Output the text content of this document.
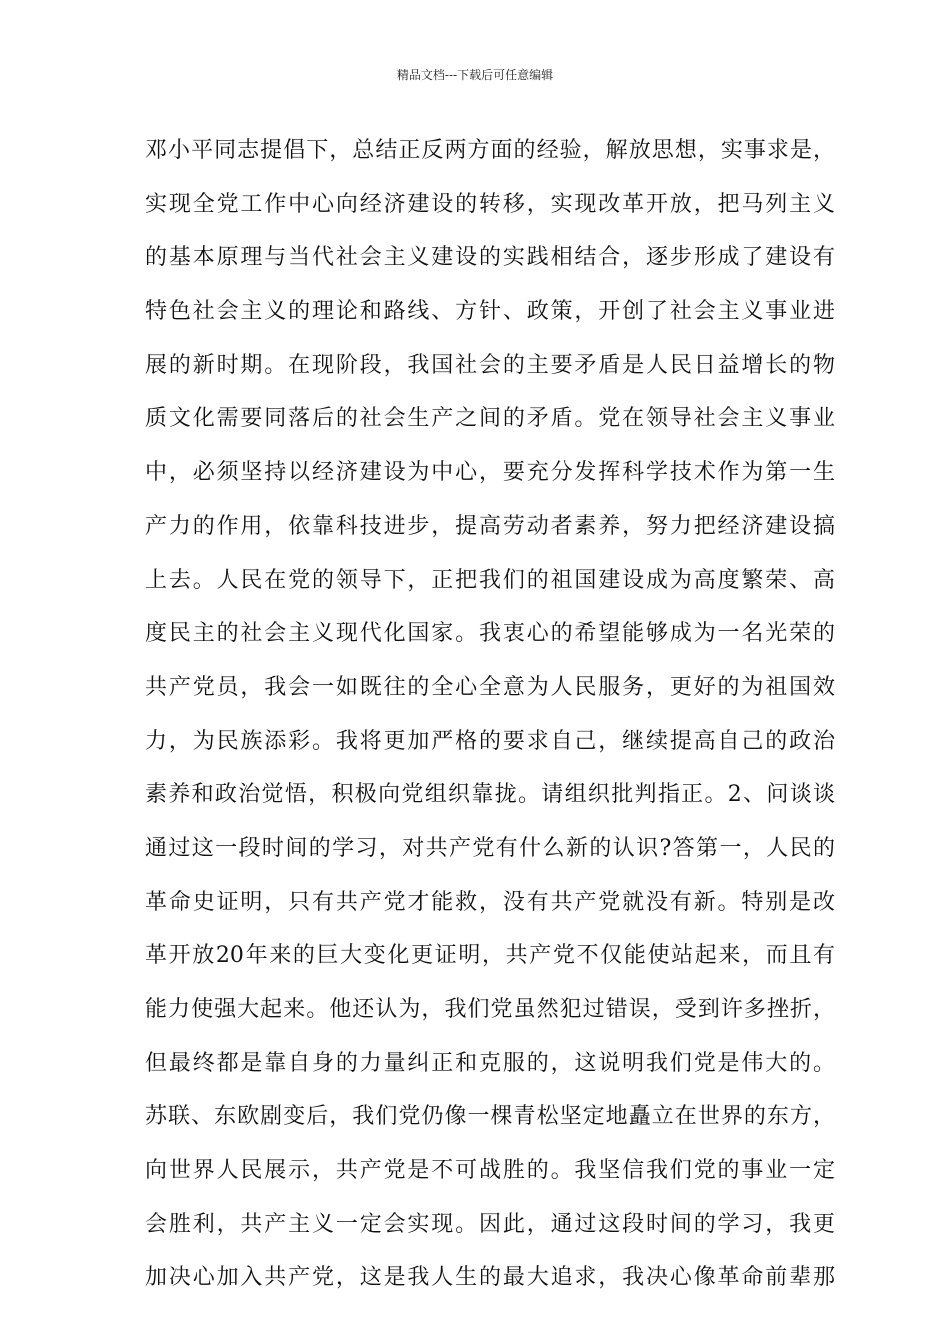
精品文档---下载后可任意编辑
邓小平同志提倡下，总结正反两方面的经验，解放思想，实事求是，
实现全党工作中心向经济建设的转移，实现改革开放，把马列主义
的基本原理与当代社会主义建设的实践相结合，逐步形成了建设有
特色社会主义的理论和路线、方针、政策，开创了社会主义事业进
展的新时期。在现阶段，我国社会的主要矛盾是人民日益增长的物
质文化需要同落后的社会生产之间的矛盾。党在领导社会主义事业
中，必须坚持以经济建设为中心，要充分发挥科学技术作为第一生
产力的作用，依靠科技进步，提高劳动者素养，努力把经济建设搞
上去。人民在党的领导下，正把我们的祖国建设成为高度繁荣、高
度民主的社会主义现代化国家。我衷心的希望能够成为一名光荣的
共产党员，我会一如既往的全心全意为人民服务，更好的为祖国效
力，为民族添彩。我将更加严格的要求自己，继续提高自己的政治
素养和政治觉悟，积极向党组织靠拢。请组织批判指正。2、问谈谈
通过这一段时间的学习，对共产党有什么新的认识?答第一，人民的
革命史证明，只有共产党才能救，没有共产党就没有新。特别是改
革开放20年来的巨大变化更证明，共产党不仅能使站起来，而且有
能力使强大起来。他还认为，我们党虽然犯过错误，受到许多挫折，
但最终都是靠自身的力量纠正和克服的，这说明我们党是伟大的。
苏联、东欧剧变后，我们党仍像一棵青松坚定地矗立在世界的东方，
向世界人民展示，共产党是不可战胜的。我坚信我们党的事业一定
会胜利，共产主义一定会实现。因此，通过这段时间的学习，我更
加决心加入共产党，这是我人生的最大追求，我决心像革命前辈那
